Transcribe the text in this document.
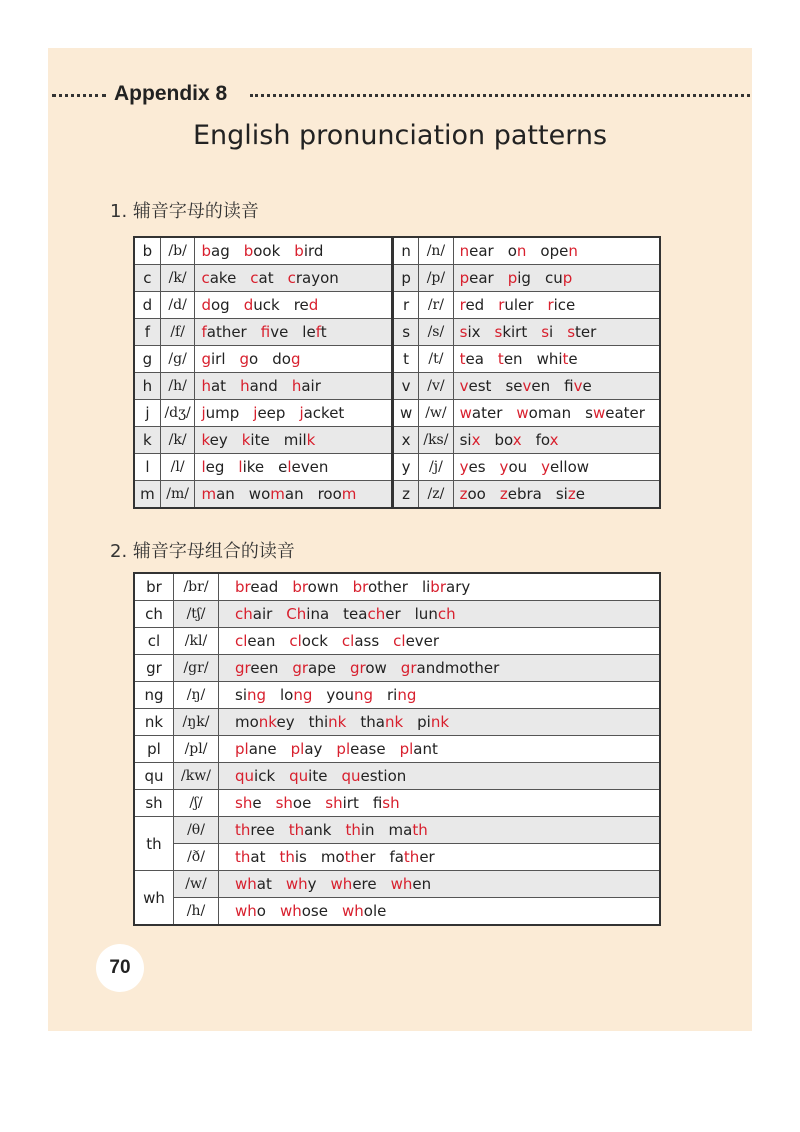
Appendix 8
English pronunciation patterns
1. 辅音字母的读音
b	/b/	bag book bird	n	/n/	near on open
c	/k/	cake cat crayon	p	/p/	pear pig cup
d	/d/	dog duck red	r	/r/	red ruler rice
f	/f/	father five left	s	/s/	six skirt si ster
g	/g/	girl go dog	t	/t/	tea ten white
h	/h/	hat hand hair	v	/v/	vest seven five
j	/dʒ/	jump jeep jacket	w	/w/	water woman sweater
k	/k/	key kite milk	x	/ks/	six box fox
l	/l/	leg like eleven	y	/j/	yes you yellow
m	/m/	man woman room	z	/z/	zoo zebra size
2. 辅音字母组合的读音
br	/br/	bread brown brother library
ch	/tʃ/	chair China teacher lunch
cl	/kl/	clean clock class clever
gr	/gr/	green grape grow grandmother
ng	/ŋ/	sing long young ring
nk	/ŋk/	monkey think thank pink
pl	/pl/	plane play please plant
qu	/kw/	quick quite question
sh	/ʃ/	she shoe shirt fish
th	/θ/	three thank thin math
	/ð/	that this mother father
wh	/w/	what why where when
	/h/	who whose whole
70
